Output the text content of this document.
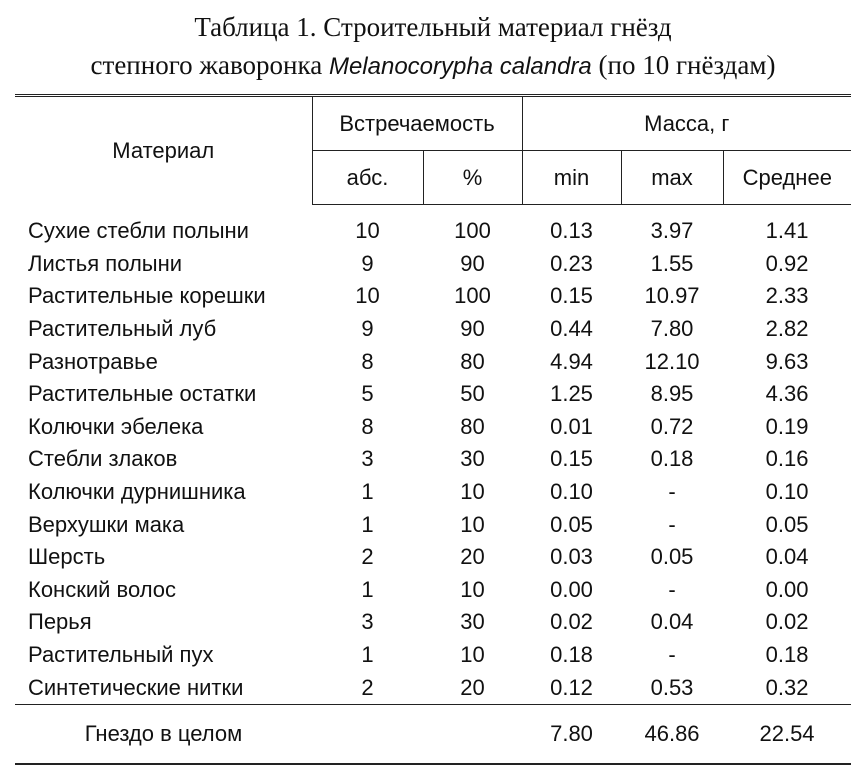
Таблица 1. Строительный материал гнёзд
степного жаворонка Melanocorypha calandra (по 10 гнёздам)
Материал	Встречаемость		Масса, г		
	абс.	%	min	max	Среднее
Сухие стебли полыни	10	100	0.13	3.97	1.41
Листья полыни	9	90	0.23	1.55	0.92
Растительные корешки	10	100	0.15	10.97	2.33
Растительный луб	9	90	0.44	7.80	2.82
Разнотравье	8	80	4.94	12.10	9.63
Растительные остатки	5	50	1.25	8.95	4.36
Колючки эбелека	8	80	0.01	0.72	0.19
Стебли злаков	3	30	0.15	0.18	0.16
Колючки дурнишника	1	10	0.10	-	0.10
Верхушки мака	1	10	0.05	-	0.05
Шерсть	2	20	0.03	0.05	0.04
Конский волос	1	10	0.00	-	0.00
Перья	3	30	0.02	0.04	0.02
Растительный пух	1	10	0.18	-	0.18
Синтетические нитки	2	20	0.12	0.53	0.32
Гнездо в целом			7.80	46.86	22.54
